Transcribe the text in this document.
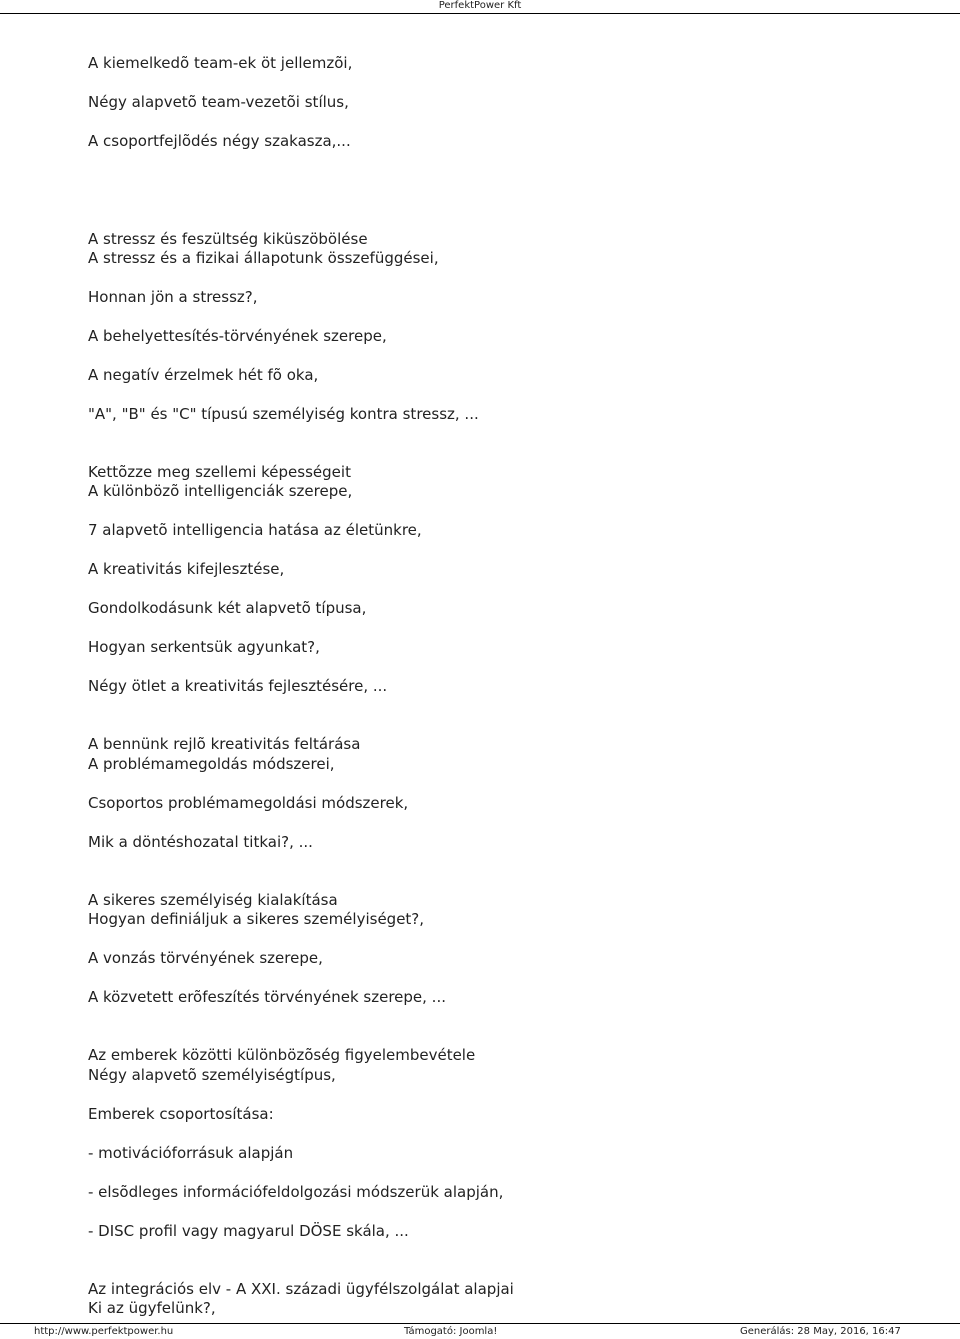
PerfektPower Kft
A kiemelkedõ team-ek öt jellemzõi,
Négy alapvetõ team-vezetõi stílus,
A csoportfejlõdés négy szakasza,...
A stressz és feszültség kiküszöbölése
A stressz és a fizikai állapotunk összefüggései,
Honnan jön a stressz?,
A behelyettesítés-törvényének szerepe,
A negatív érzelmek hét fõ oka,
"A", "B" és "C" típusú személyiség kontra stressz, ...
Kettõzze meg szellemi képességeit
A különbözõ intelligenciák szerepe,
7 alapvetõ intelligencia hatása az életünkre,
A kreativitás kifejlesztése,
Gondolkodásunk két alapvetõ típusa,
Hogyan serkentsük agyunkat?,
Négy ötlet a kreativitás fejlesztésére, ...
A bennünk rejlõ kreativitás feltárása
A problémamegoldás módszerei,
Csoportos problémamegoldási módszerek,
Mik a döntéshozatal titkai?, ...
A sikeres személyiség kialakítása
Hogyan definiáljuk a sikeres személyiséget?,
A vonzás törvényének szerepe,
A közvetett erõfeszítés törvényének szerepe, ...
Az emberek közötti különbözõség figyelembevétele
Négy alapvetõ személyiségtípus,
Emberek csoportosítása:
- motivációforrásuk alapján
- elsõdleges információfeldolgozási módszerük alapján,
- DISC profil vagy magyarul DÖSE skála, ...
Az integrációs elv - A XXI. századi ügyfélszolgálat alapjai
Ki az ügyfelünk?,
http://www.perfektpower.hu	Támogató: Joomla!	Generálás: 28 May, 2016, 16:47
